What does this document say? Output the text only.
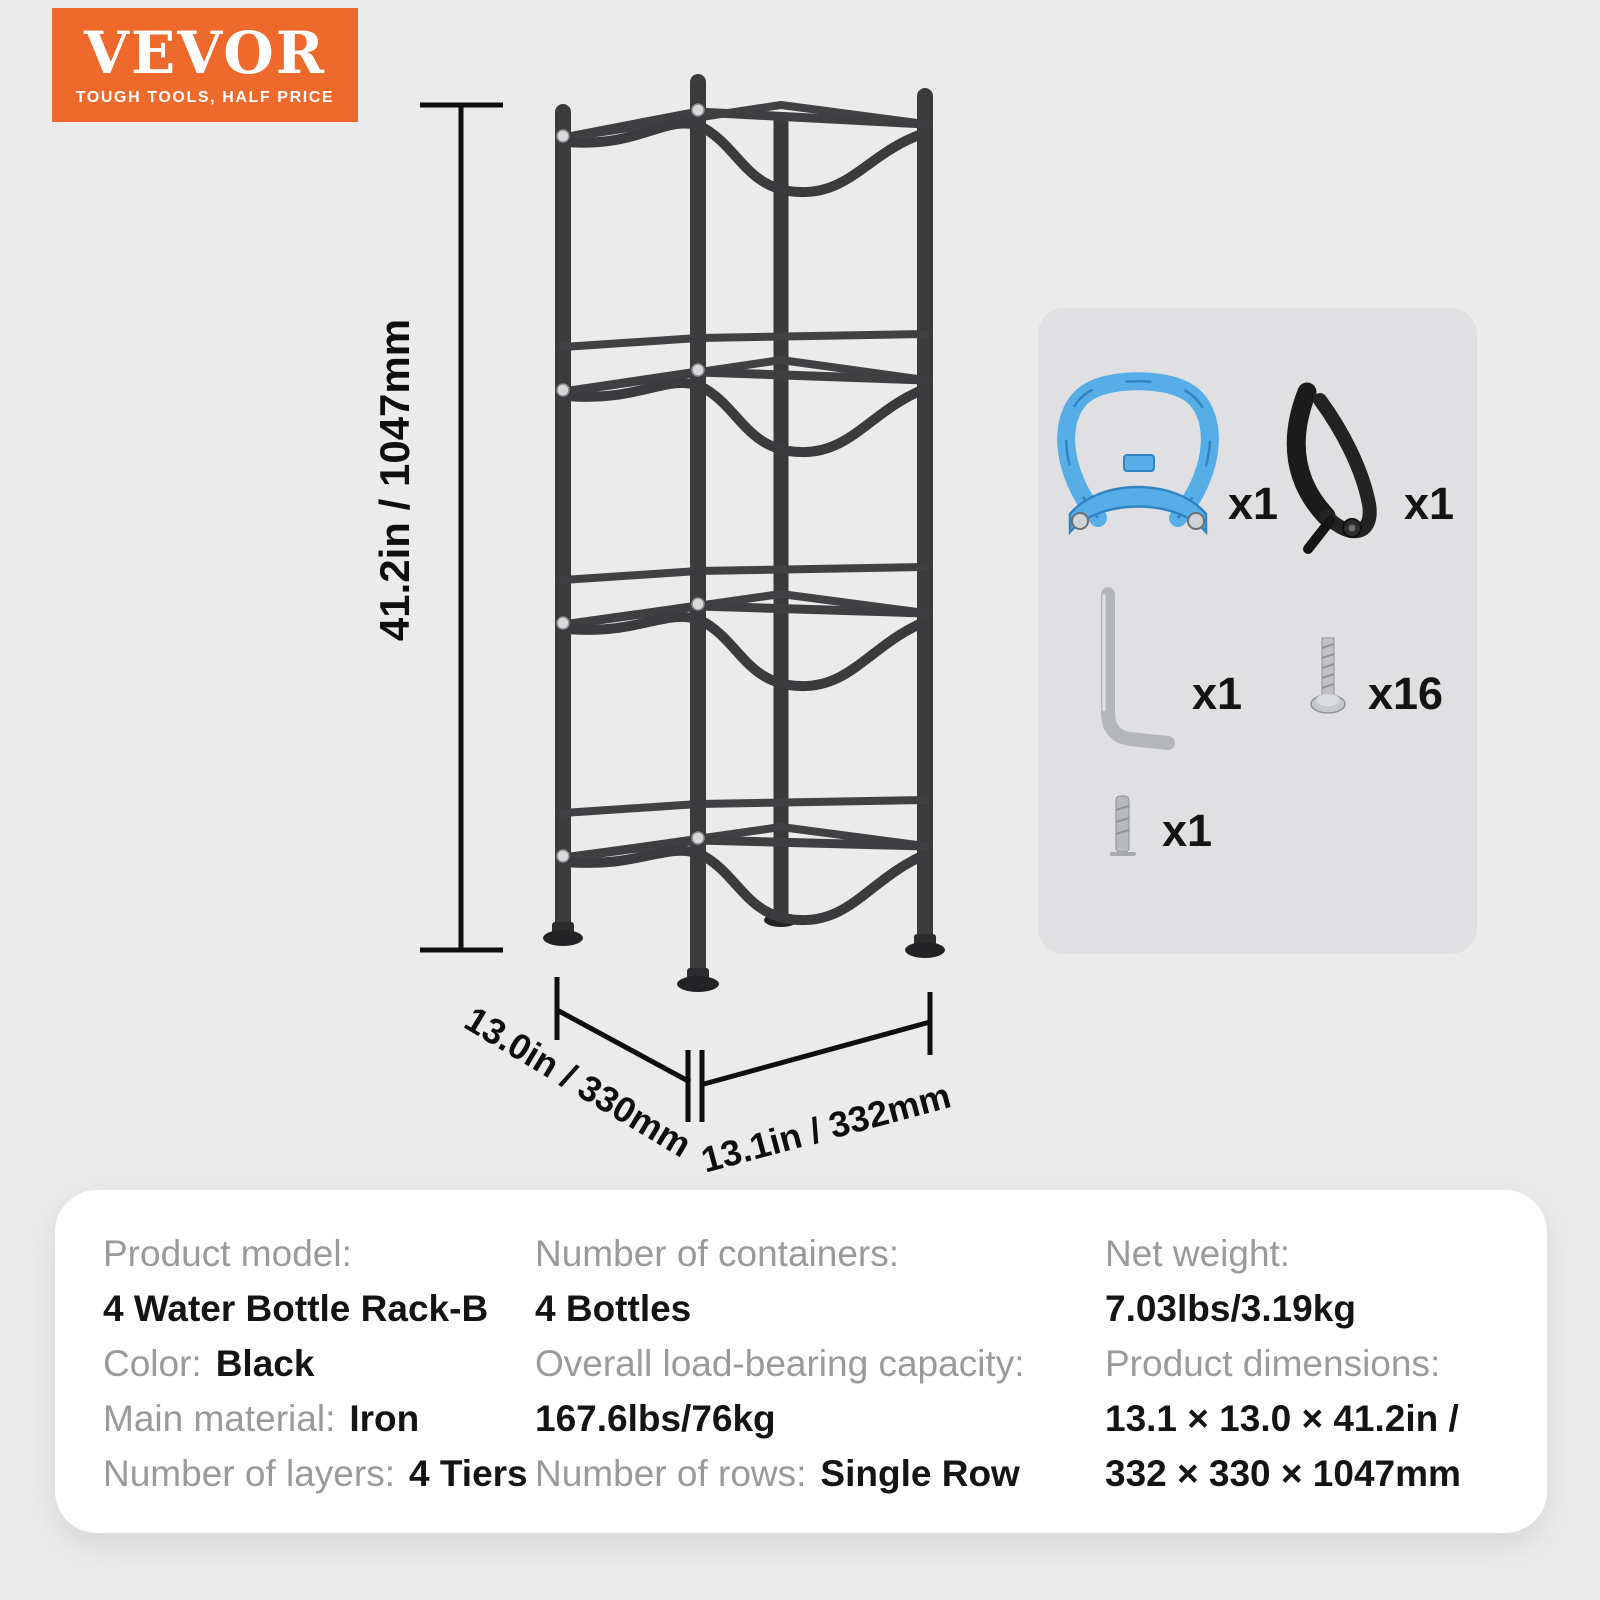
VEVOR
TOUGH TOOLS, HALF PRICE
41.2in / 1047mm
13.0in / 330mm
13.1in / 332mm
x1	x1
x1	x16
x1
Product model:
4 Water Bottle Rack-B
Color: Black
Main material: Iron
Number of layers: 4 Tiers
Number of containers:
4 Bottles
Overall load-bearing capacity:
167.6lbs/76kg
Number of rows: Single Row
Net weight:
7.03lbs/3.19kg
Product dimensions:
13.1 × 13.0 × 41.2in /
332 × 330 × 1047mm
